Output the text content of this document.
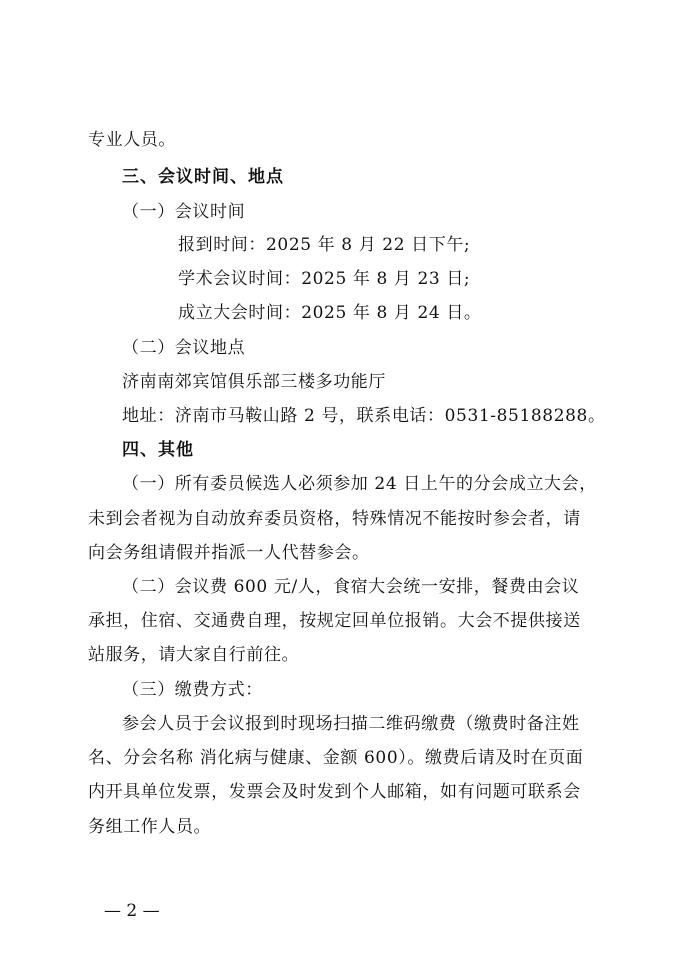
专业人员。
三、会议时间、地点
（一）会议时间
报到时间：2025 年 8 月 22 日下午;
学术会议时间：2025 年 8 月 23 日;
成立大会时间：2025 年 8 月 24 日。
（二）会议地点
济南南郊宾馆俱乐部三楼多功能厅
地址：济南市马鞍山路 2 号，联系电话：0531-85188288。
四、其他
（一）所有委员候选人必须参加 24 日上午的分会成立大会，
未到会者视为自动放弃委员资格，特殊情况不能按时参会者，请
向会务组请假并指派一人代替参会。
（二）会议费 600 元/人，食宿大会统一安排，餐费由会议
承担，住宿、交通费自理，按规定回单位报销。大会不提供接送
站服务，请大家自行前往。
（三）缴费方式：
参会人员于会议报到时现场扫描二维码缴费（缴费时备注姓
名、分会名称 消化病与健康、金额 600）。缴费后请及时在页面
内开具单位发票，发票会及时发到个人邮箱，如有问题可联系会
务组工作人员。
— 2 —
